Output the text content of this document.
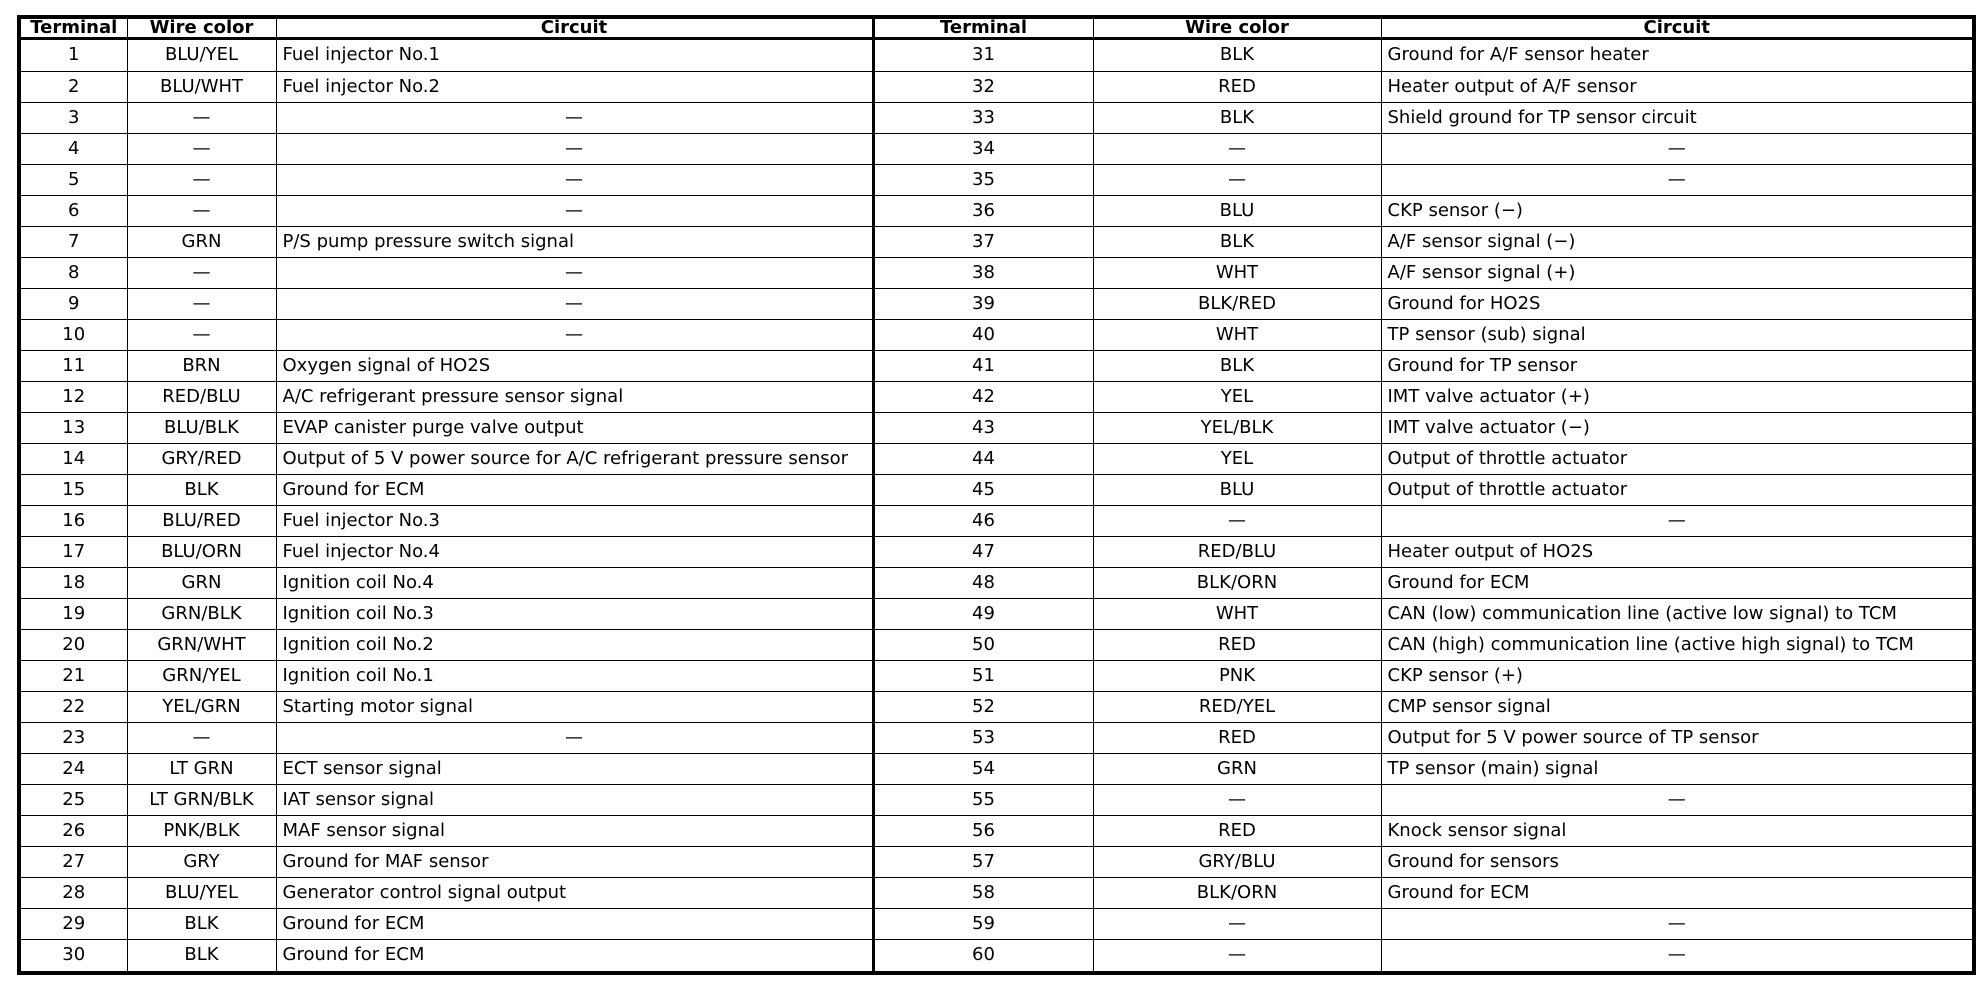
Terminal	Wire color	Circuit	Terminal	Wire color	Circuit
1	BLU/YEL	Fuel injector No.1	31	BLK	Ground for A/F sensor heater
2	BLU/WHT	Fuel injector No.2	32	RED	Heater output of A/F sensor
3	—	—	33	BLK	Shield ground for TP sensor circuit
4	—	—	34	—	—
5	—	—	35	—	—
6	—	—	36	BLU	CKP sensor (−)
7	GRN	P/S pump pressure switch signal	37	BLK	A/F sensor signal (−)
8	—	—	38	WHT	A/F sensor signal (+)
9	—	—	39	BLK/RED	Ground for HO2S
10	—	—	40	WHT	TP sensor (sub) signal
11	BRN	Oxygen signal of HO2S	41	BLK	Ground for TP sensor
12	RED/BLU	A/C refrigerant pressure sensor signal	42	YEL	IMT valve actuator (+)
13	BLU/BLK	EVAP canister purge valve output	43	YEL/BLK	IMT valve actuator (−)
14	GRY/RED	Output of 5 V power source for A/C refrigerant pressure sensor	44	YEL	Output of throttle actuator
15	BLK	Ground for ECM	45	BLU	Output of throttle actuator
16	BLU/RED	Fuel injector No.3	46	—	—
17	BLU/ORN	Fuel injector No.4	47	RED/BLU	Heater output of HO2S
18	GRN	Ignition coil No.4	48	BLK/ORN	Ground for ECM
19	GRN/BLK	Ignition coil No.3	49	WHT	CAN (low) communication line (active low signal) to TCM
20	GRN/WHT	Ignition coil No.2	50	RED	CAN (high) communication line (active high signal) to TCM
21	GRN/YEL	Ignition coil No.1	51	PNK	CKP sensor (+)
22	YEL/GRN	Starting motor signal	52	RED/YEL	CMP sensor signal
23	—	—	53	RED	Output for 5 V power source of TP sensor
24	LT GRN	ECT sensor signal	54	GRN	TP sensor (main) signal
25	LT GRN/BLK	IAT sensor signal	55	—	—
26	PNK/BLK	MAF sensor signal	56	RED	Knock sensor signal
27	GRY	Ground for MAF sensor	57	GRY/BLU	Ground for sensors
28	BLU/YEL	Generator control signal output	58	BLK/ORN	Ground for ECM
29	BLK	Ground for ECM	59	—	—
30	BLK	Ground for ECM	60	—	—
